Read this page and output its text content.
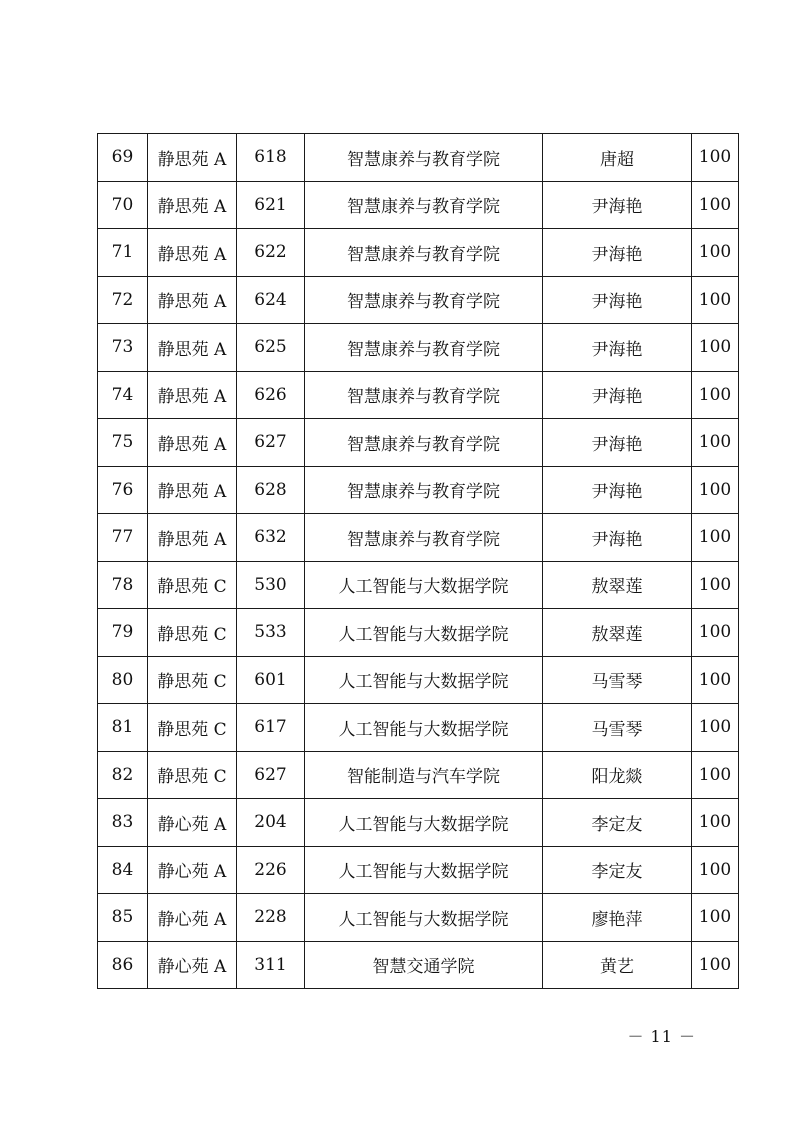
69	静思苑 A	618	智慧康养与教育学院	唐超	100
70	静思苑 A	621	智慧康养与教育学院	尹海艳	100
71	静思苑 A	622	智慧康养与教育学院	尹海艳	100
72	静思苑 A	624	智慧康养与教育学院	尹海艳	100
73	静思苑 A	625	智慧康养与教育学院	尹海艳	100
74	静思苑 A	626	智慧康养与教育学院	尹海艳	100
75	静思苑 A	627	智慧康养与教育学院	尹海艳	100
76	静思苑 A	628	智慧康养与教育学院	尹海艳	100
77	静思苑 A	632	智慧康养与教育学院	尹海艳	100
78	静思苑 C	530	人工智能与大数据学院	敖翠莲	100
79	静思苑 C	533	人工智能与大数据学院	敖翠莲	100
80	静思苑 C	601	人工智能与大数据学院	马雪琴	100
81	静思苑 C	617	人工智能与大数据学院	马雪琴	100
82	静思苑 C	627	智能制造与汽车学院	阳龙燚	100
83	静心苑 A	204	人工智能与大数据学院	李定友	100
84	静心苑 A	226	人工智能与大数据学院	李定友	100
85	静心苑 A	228	人工智能与大数据学院	廖艳萍	100
86	静心苑 A	311	智慧交通学院	黄艺	100
－ 11 －
